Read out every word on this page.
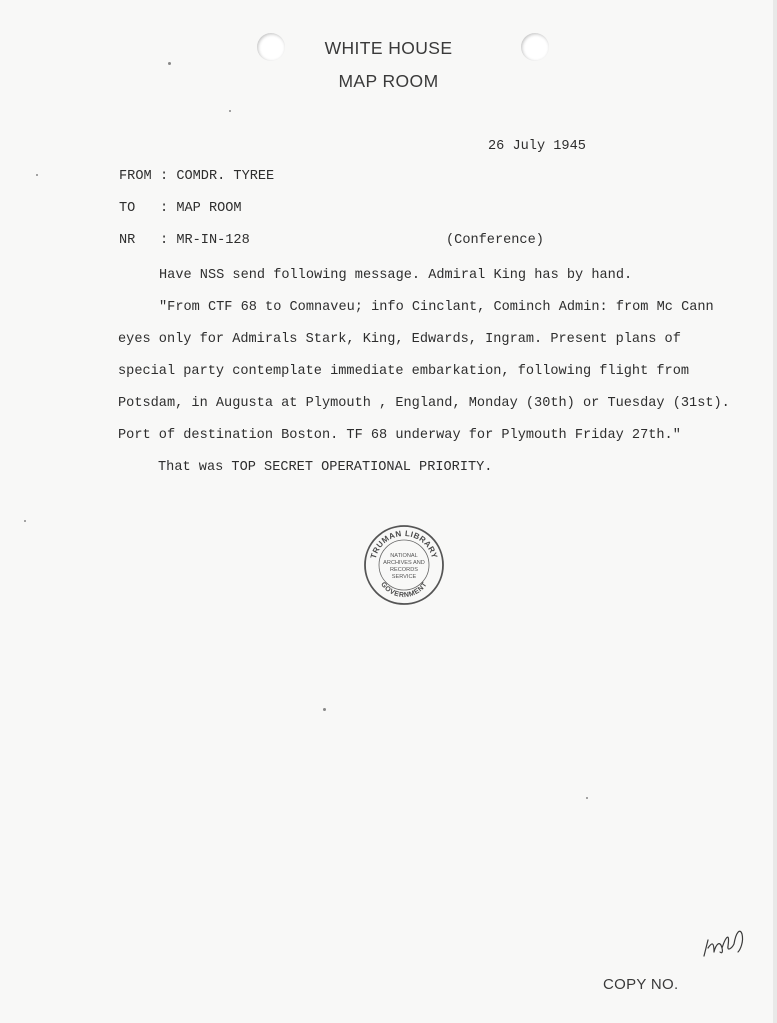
WHITE HOUSE
MAP ROOM
26 July 1945
FROM : COMDR. TYREE
TO : MAP ROOM
NR : MR-IN-128	(Conference)
Have NSS send following message. Admiral King has by hand.
"From CTF 68 to Comnaveu; info Cinclant, Cominch Admin: from Mc Cann
eyes only for Admirals Stark, King, Edwards, Ingram. Present plans of
special party contemplate immediate embarkation, following flight from
Potsdam, in Augusta at Plymouth , England, Monday (30th) or Tuesday (31st).
Port of destination Boston. TF 68 underway for Plymouth Friday 27th."
That was TOP SECRET OPERATIONAL PRIORITY.
TRUMAN LIBRARY
GOVERNMENT
NATIONAL
ARCHIVES AND
RECORDS
SERVICE
COPY NO.
